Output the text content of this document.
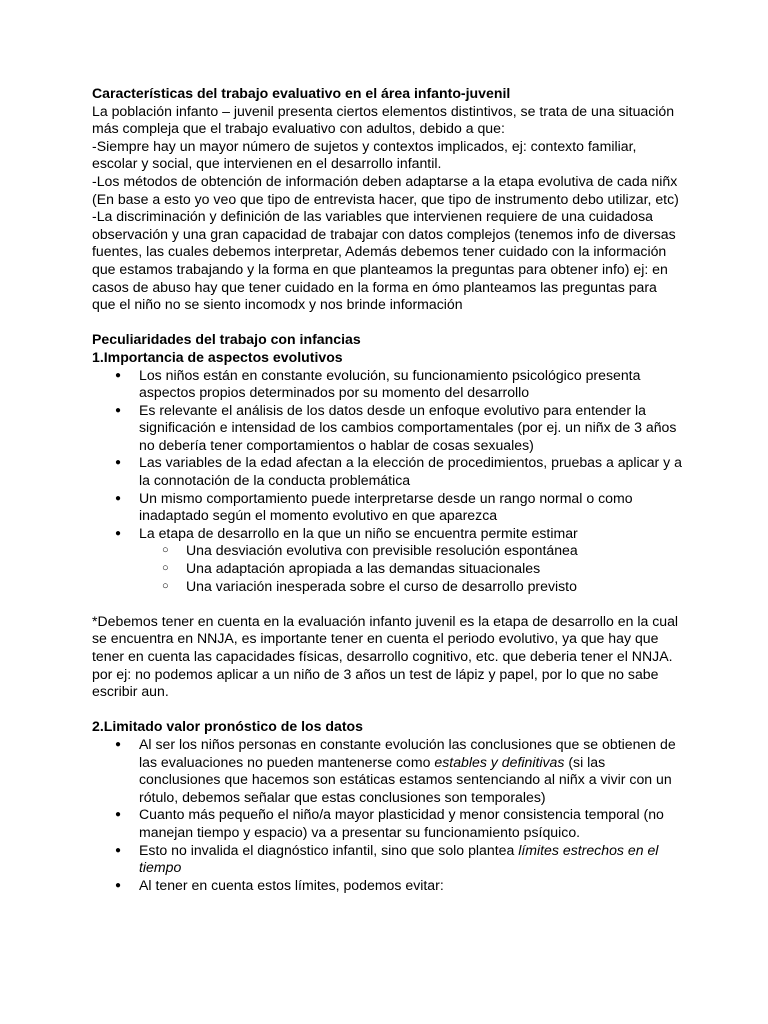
Características del trabajo evaluativo en el área infanto-juvenil

La población infanto – juvenil presenta ciertos elementos distintivos, se trata de una situación más compleja que el trabajo evaluativo con adultos, debido a que:

-Siempre hay un mayor número de sujetos y contextos implicados, ej: contexto familiar, escolar y social, que intervienen en el desarrollo infantil.

-Los métodos de obtención de información deben adaptarse a la etapa evolutiva de cada niñx (En base a esto yo veo que tipo de entrevista hacer, que tipo de instrumento debo utilizar, etc)

-La discriminación y definición de las variables que intervienen requiere de una cuidadosa observación y una gran capacidad de trabajar con datos complejos (tenemos info de diversas fuentes, las cuales debemos interpretar, Además debemos tener cuidado con la información que estamos trabajando y la forma en que planteamos la preguntas para obtener info) ej: en casos de abuso hay que tener cuidado en la forma en ómo planteamos las preguntas para que el niño no se siento incomodx y nos brinde información

Peculiaridades del trabajo con infancias

1.Importancia de aspectos evolutivos

● Los niños están en constante evolución, su funcionamiento psicológico presenta aspectos propios determinados por su momento del desarrollo
● Es relevante el análisis de los datos desde un enfoque evolutivo para entender la significación e intensidad de los cambios comportamentales (por ej. un niñx de 3 años no debería tener comportamientos o hablar de cosas sexuales)
● Las variables de la edad afectan a la elección de procedimientos, pruebas a aplicar y a la connotación de la conducta problemática
● Un mismo comportamiento puede interpretarse desde un rango normal o como inadaptado según el momento evolutivo en que aparezca
● La etapa de desarrollo en la que un niño se encuentra permite estimar
○ Una desviación evolutiva con previsible resolución espontánea
○ Una adaptación apropiada a las demandas situacionales
○ Una variación inesperada sobre el curso de desarrollo previsto

*Debemos tener en cuenta en la evaluación infanto juvenil es la etapa de desarrollo en la cual se encuentra en NNJA, es importante tener en cuenta el periodo evolutivo, ya que hay que tener en cuenta las capacidades físicas, desarrollo cognitivo, etc. que deberia tener el NNJA.

por ej: no podemos aplicar a un niño de 3 años un test de lápiz y papel, por lo que no sabe escribir aun.

2.Limitado valor pronóstico de los datos

● Al ser los niños personas en constante evolución las conclusiones que se obtienen de las evaluaciones no pueden mantenerse como estables y definitivas (si las conclusiones que hacemos son estáticas estamos sentenciando al niñx a vivir con un rótulo, debemos señalar que estas conclusiones son temporales)
● Cuanto más pequeño el niño/a mayor plasticidad y menor consistencia temporal (no manejan tiempo y espacio) va a presentar su funcionamiento psíquico.
● Esto no invalida el diagnóstico infantil, sino que solo plantea límites estrechos en el tiempo
● Al tener en cuenta estos límites, podemos evitar:
